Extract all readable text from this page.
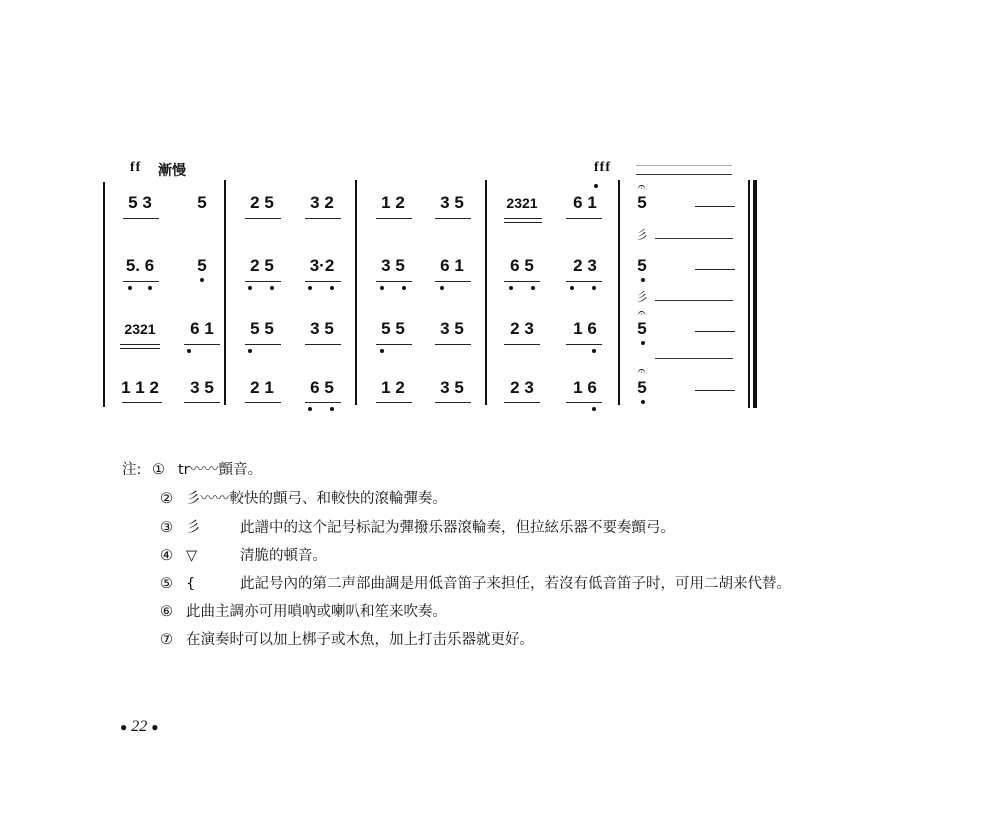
ff 漸慢	fff
5 3	5	2 5	3 2	1 2	3 5	2321	6 1	5
𝄐
彡
5. 6	5	2 5	3·2	3 5	6 1	6 5	2 3	5
彡
2321	6 1	5 5	3 5	5 5	3 5	2 3	1 6	5
𝄐
1 1 2	3 5	2 1	6 5	1 2	3 5	2 3	1 6	5
𝄐
注: ① tr〰〰顫音。
② 彡〰〰較快的顫弓、和較快的滾輪彈奏。
③ 彡	此譜中的这个記号标記为彈撥乐器滾輪奏，但拉絃乐器不要奏顫弓。
④ ▽	清脆的頓音。
⑤ {	此記号內的第二声部曲調是用低音笛子来担任，若沒有低音笛子时，可用二胡来代替。
⑥ 此曲主調亦可用嗩吶或喇叭和笙来吹奏。
⑦ 在演奏时可以加上梆子或木魚，加上打击乐器就更好。
● 22 ●
